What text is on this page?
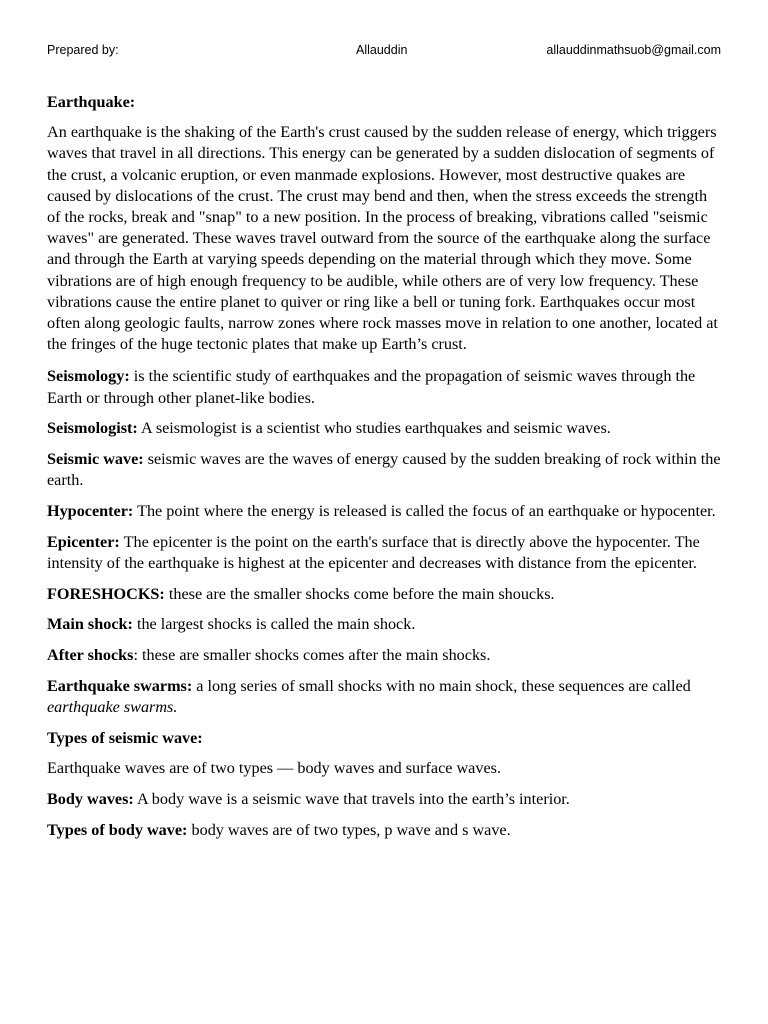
Prepared by:	Allauddin	allauddinmathsuob@gmail.com
Earthquake:

An earthquake is the shaking of the Earth's crust caused by the sudden release of energy, which triggers waves that travel in all directions. This energy can be generated by a sudden dislocation of segments of the crust, a volcanic eruption, or even manmade explosions. However, most destructive quakes are caused by dislocations of the crust. The crust may bend and then, when the stress exceeds the strength of the rocks, break and "snap" to a new position. In the process of breaking, vibrations called "seismic waves" are generated. These waves travel outward from the source of the earthquake along the surface and through the Earth at varying speeds depending on the material through which they move. Some vibrations are of high enough frequency to be audible, while others are of very low frequency. These vibrations cause the entire planet to quiver or ring like a bell or tuning fork. Earthquakes occur most often along geologic faults, narrow zones where rock masses move in relation to one another, located at the fringes of the huge tectonic plates that make up Earth’s crust.

Seismology: is the scientific study of earthquakes and the propagation of seismic waves through the Earth or through other planet-like bodies.

Seismologist: A seismologist is a scientist who studies earthquakes and seismic waves.

Seismic wave: seismic waves are the waves of energy caused by the sudden breaking of rock within the earth.

Hypocenter: The point where the energy is released is called the focus of an earthquake or hypocenter.

Epicenter: The epicenter is the point on the earth's surface that is directly above the hypocenter. The intensity of the earthquake is highest at the epicenter and decreases with distance from the epicenter.

FORESHOCKS: these are the smaller shocks come before the main shoucks.

Main shock: the largest shocks is called the main shock.

After shocks: these are smaller shocks comes after the main shocks.

Earthquake swarms: a long series of small shocks with no main shock, these sequences are called earthquake swarms.

Types of seismic wave:

Earthquake waves are of two types — body waves and surface waves.

Body waves: A body wave is a seismic wave that travels into the earth’s interior.

Types of body wave: body waves are of two types, p wave and s wave.
